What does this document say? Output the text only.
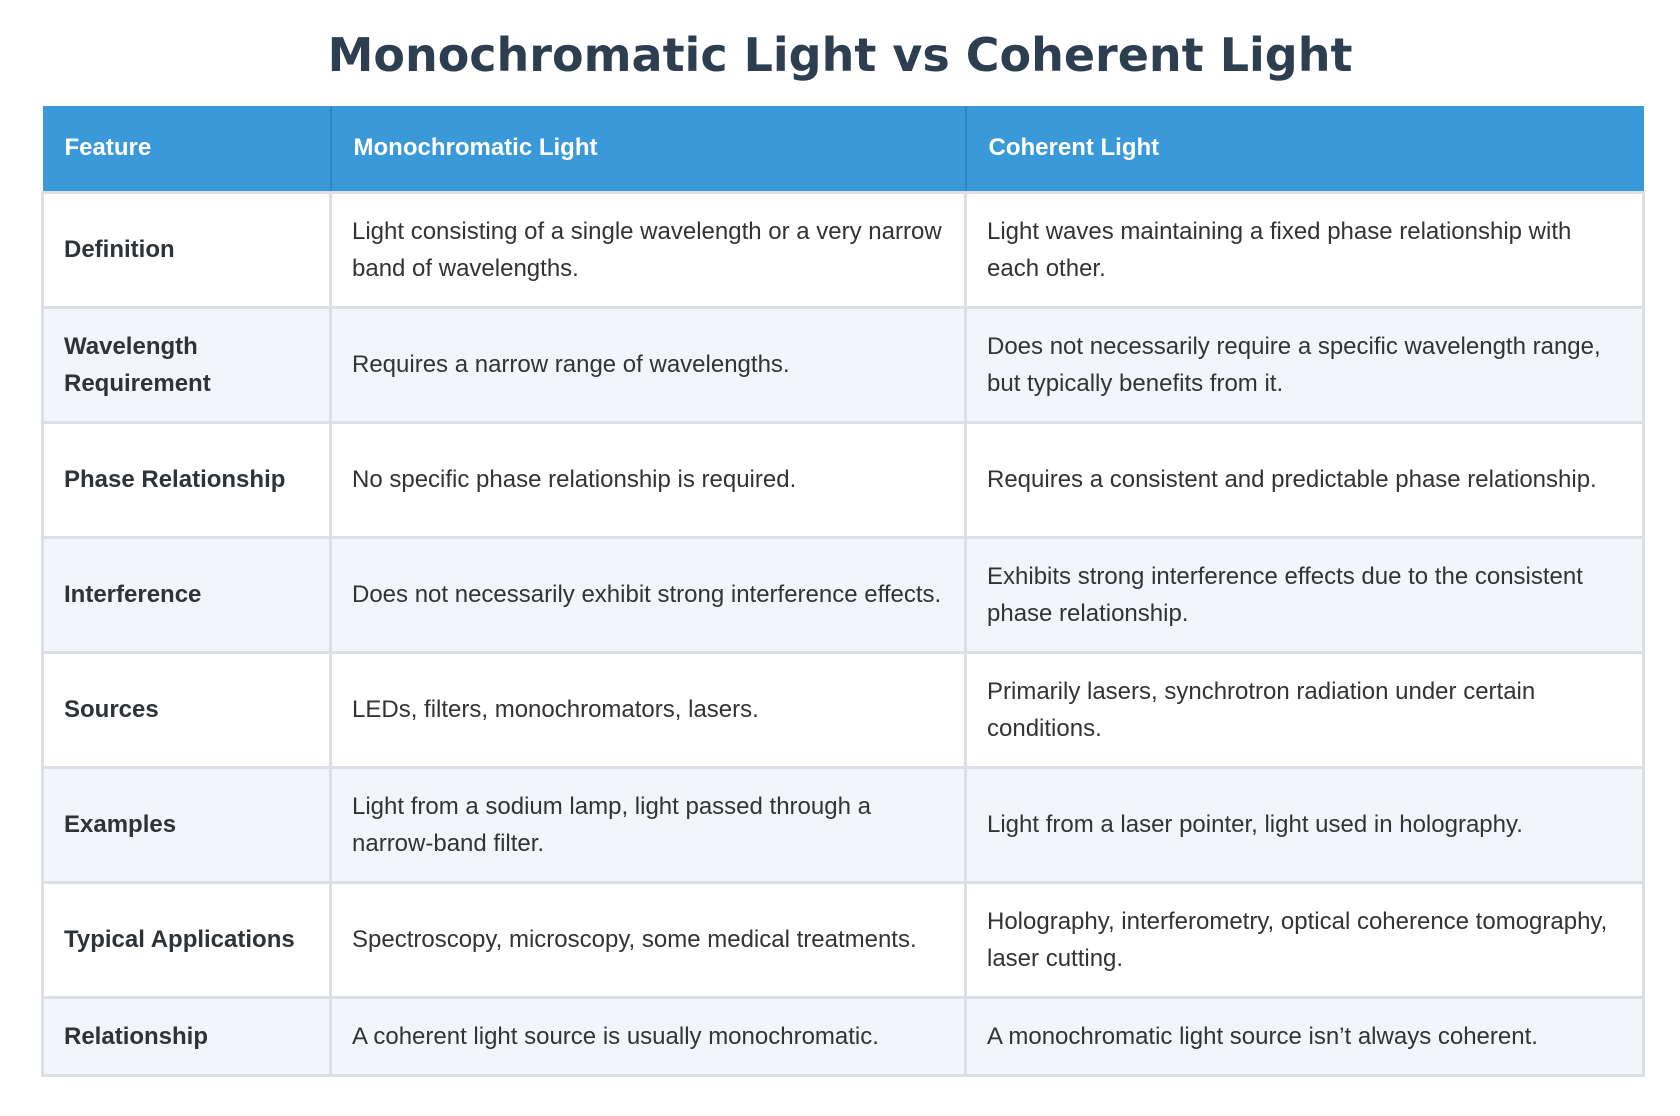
Monochromatic Light vs Coherent Light
Feature	Monochromatic Light	Coherent Light
Definition	Light consisting of a single wavelength or a very narrow band of wavelengths.	Light waves maintaining a fixed phase relationship with each other.
Wavelength Requirement	Requires a narrow range of wavelengths.	Does not necessarily require a specific wavelength range, but typically benefits from it.
Phase Relationship	No specific phase relationship is required.	Requires a consistent and predictable phase relationship.
Interference	Does not necessarily exhibit strong interference effects.	Exhibits strong interference effects due to the consistent phase relationship.
Sources	LEDs, filters, monochromators, lasers.	Primarily lasers, synchrotron radiation under certain conditions.
Examples	Light from a sodium lamp, light passed through a narrow-band filter.	Light from a laser pointer, light used in holography.
Typical Applications	Spectroscopy, microscopy, some medical treatments.	Holography, interferometry, optical coherence tomography, laser cutting.
Relationship	A coherent light source is usually monochromatic.	A monochromatic light source isn’t always coherent.
